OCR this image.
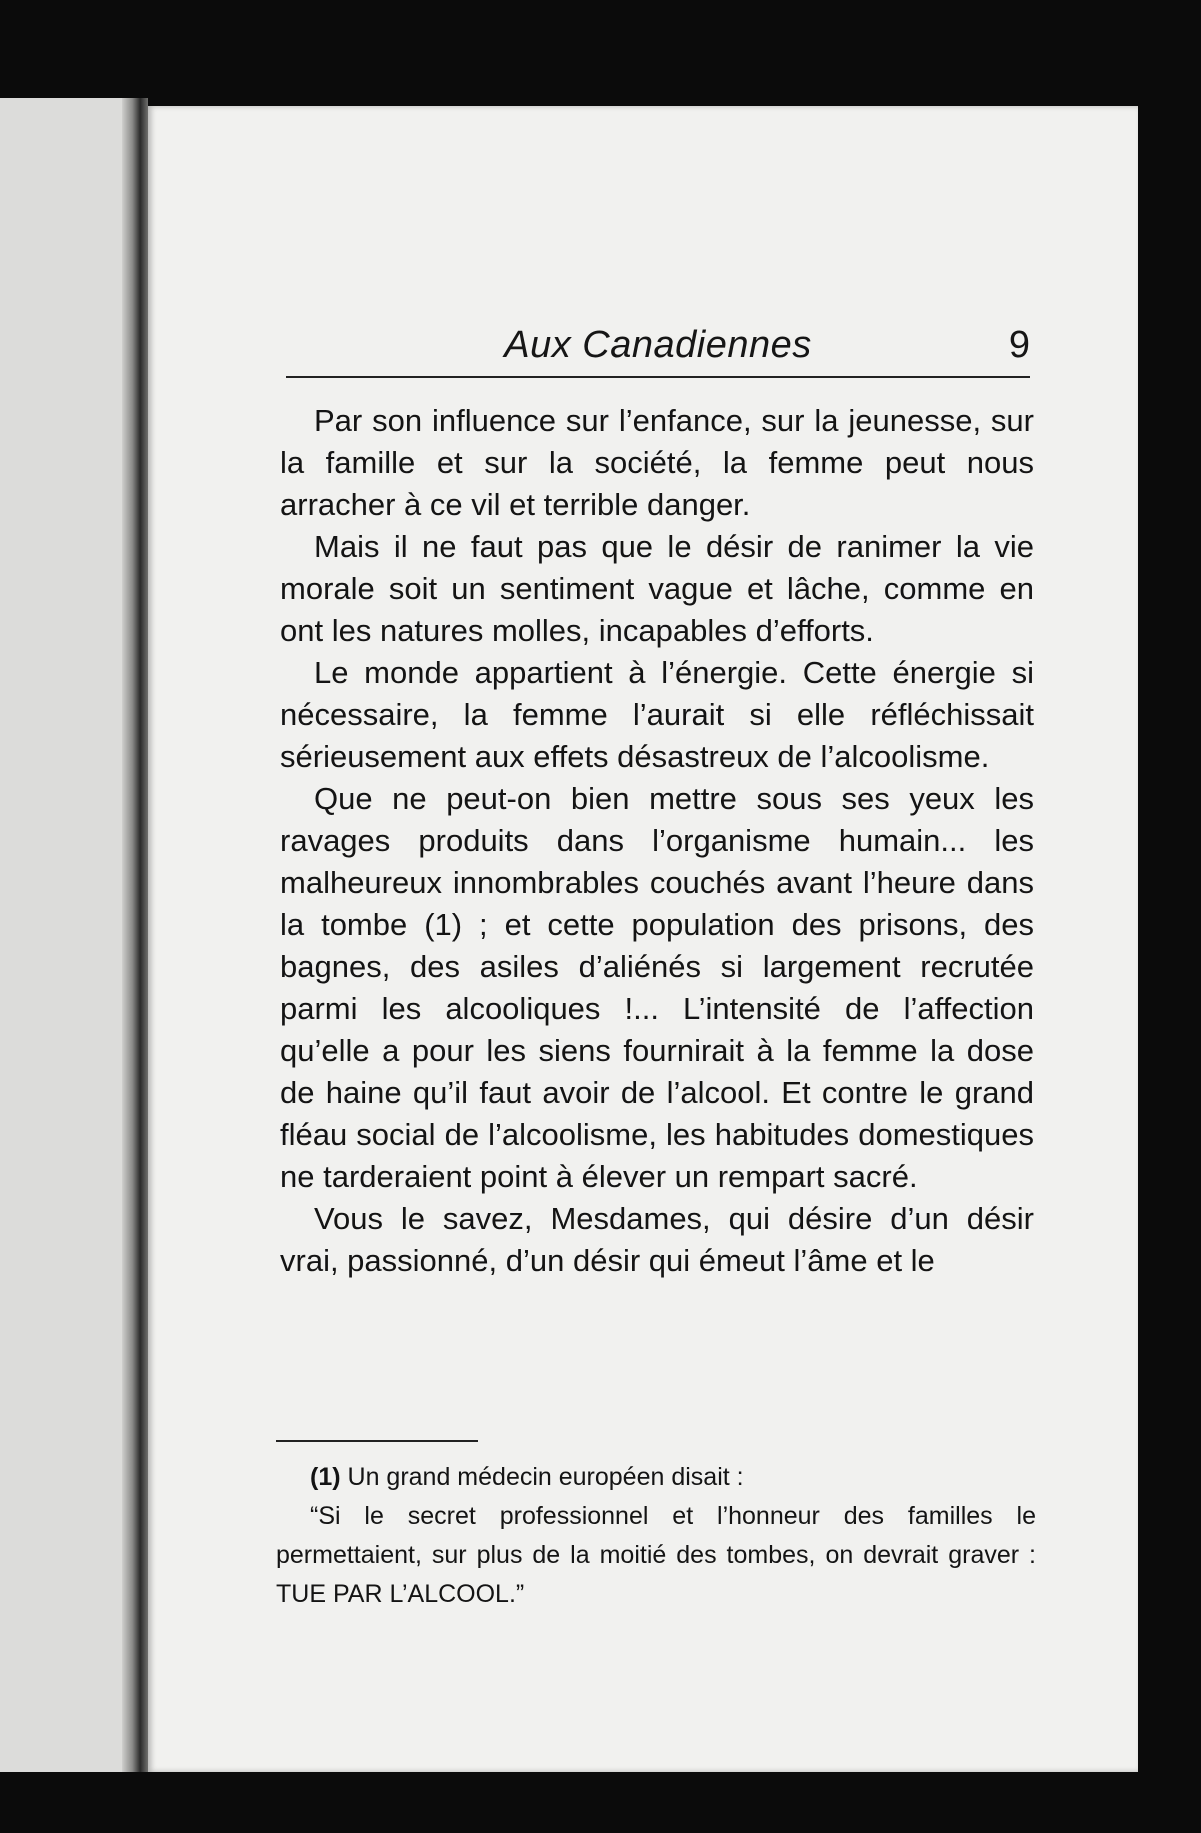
Aux Canadiennes	9

Par son influence sur l’enfance, sur la jeunesse, sur la famille et sur la société, la femme peut nous arracher à ce vil et terrible danger.

Mais il ne faut pas que le désir de ranimer la vie morale soit un sentiment vague et lâche, comme en ont les natures molles, incapables d’efforts.

Le monde appartient à l’énergie. Cette énergie si nécessaire, la femme l’aurait si elle réfléchissait sérieusement aux effets désastreux de l’alcoolisme.

Que ne peut-on bien mettre sous ses yeux les ravages produits dans l’organisme humain... les malheureux innombrables couchés avant l’heure dans la tombe (1) ; et cette population des prisons, des bagnes, des asiles d’aliénés si largement recrutée parmi les alcooliques !... L’intensité de l’affection qu’elle a pour les siens fournirait à la femme la dose de haine qu’il faut avoir de l’alcool. Et contre le grand fléau social de l’alcoolisme, les habitudes domestiques ne tarderaient point à élever un rempart sacré.

Vous le savez, Mesdames, qui désire d’un désir vrai, passionné, d’un désir qui émeut l’âme et le

(1) Un grand médecin européen disait :

“Si le secret professionnel et l’honneur des familles le permettaient, sur plus de la moitié des tombes, on devrait graver : TUE PAR L’ALCOOL.”
